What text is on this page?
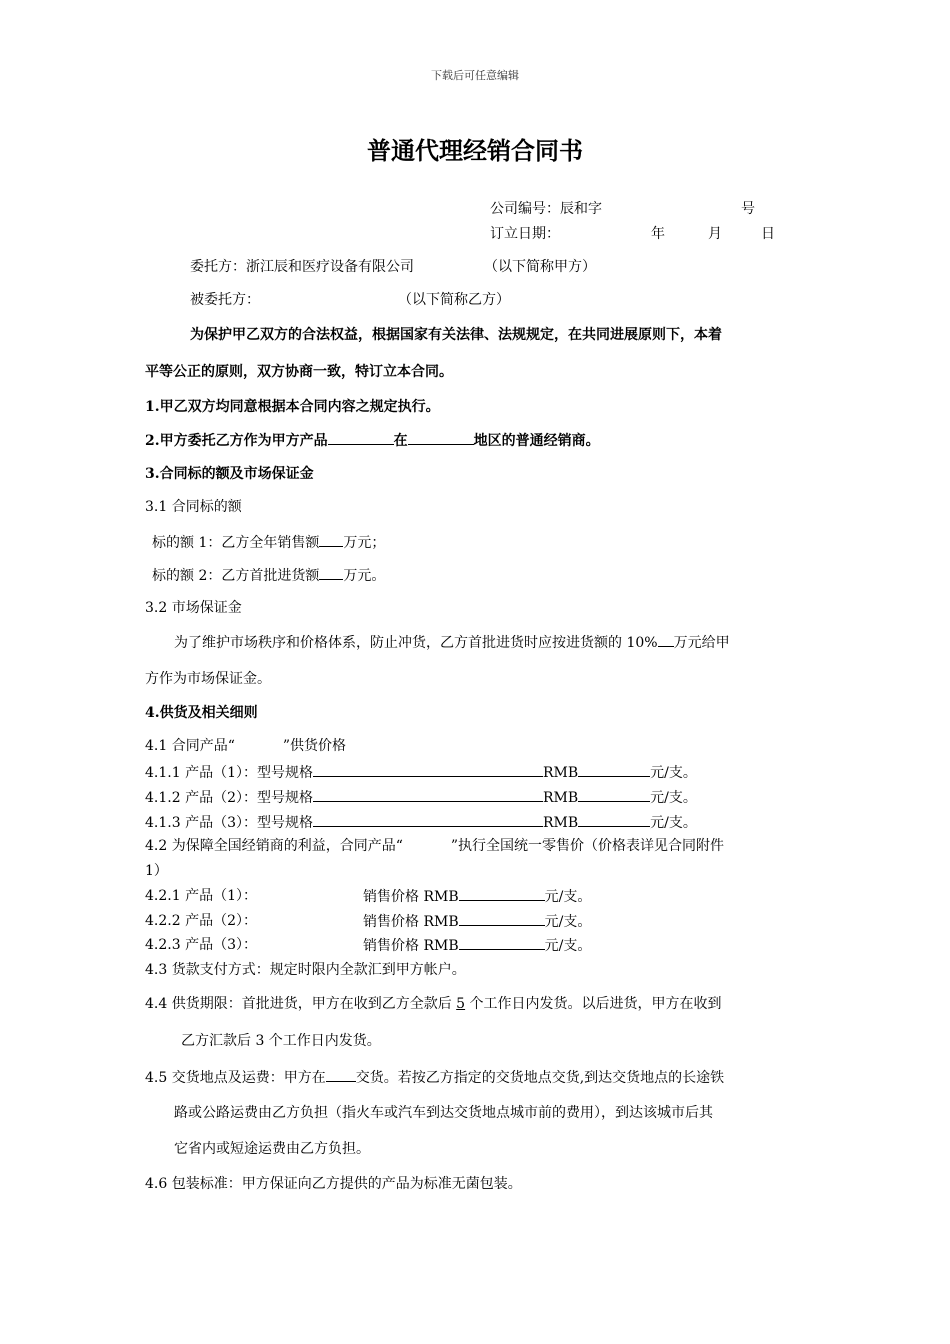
下载后可任意编辑
普通代理经销合同书
公司编号：辰和字	号
订立日期：	年	月	日
委托方：浙江辰和医疗设备有限公司	（以下简称甲方）
被委托方：	（以下简称乙方）
为保护甲乙双方的合法权益，根据国家有关法律、法规规定，在共同进展原则下，本着
平等公正的原则，双方协商一致，特订立本合同。
1.甲乙双方均同意根据本合同内容之规定执行。
2.甲方委托乙方作为甲方产品	在	地区的普通经销商。
3.合同标的额及市场保证金
3.1 合同标的额
标的额 1：乙方全年销售额 万元；
标的额 2：乙方首批进货额 万元。
3.2 市场保证金
为了维护市场秩序和价格体系，防止冲货，乙方首批进货时应按进货额的 10% 万元给甲
方作为市场保证金。
4.供货及相关细则
4.1 合同产品“	”供货价格
4.1.1 产品（1）：型号规格	RMB	元/支。
4.1.2 产品（2）：型号规格	RMB	元/支。
4.1.3 产品（3）：型号规格	RMB	元/支。
4.2 为保障全国经销商的利益，合同产品“	”执行全国统一零售价（价格表详见合同附件
1）
4.2.1 产品（1）：	销售价格 RMB	元/支。
4.2.2 产品（2）：	销售价格 RMB	元/支。
4.2.3 产品（3）：	销售价格 RMB	元/支。
4.3 货款支付方式：规定时限内全款汇到甲方帐户。
4.4 供货期限：首批进货，甲方在收到乙方全款后 5 个工作日内发货。以后进货，甲方在收到
乙方汇款后 3 个工作日内发货。
4.5 交货地点及运费：甲方在 交货。若按乙方指定的交货地点交货,到达交货地点的长途铁
路或公路运费由乙方负担（指火车或汽车到达交货地点城市前的费用），到达该城市后其
它省内或短途运费由乙方负担。
4.6 包装标准：甲方保证向乙方提供的产品为标准无菌包装。
